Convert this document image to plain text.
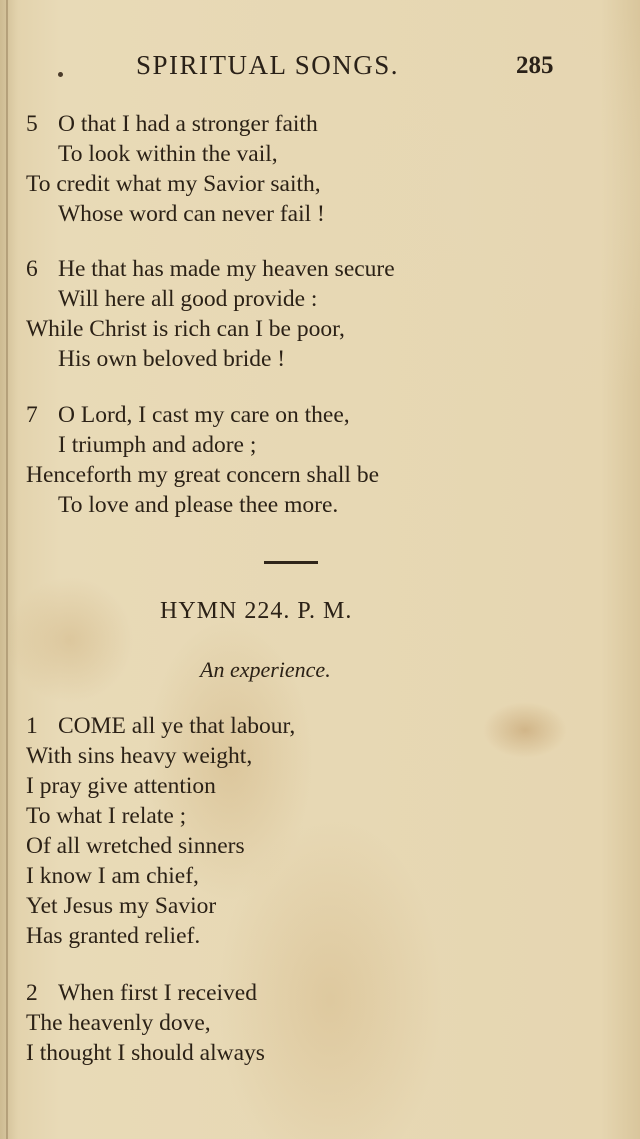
SPIRITUAL SONGS.	285
5 O that I had a stronger faith
To look within the vail,
To credit what my Savior saith,
Whose word can never fail !
6 He that has made my heaven secure
Will here all good provide :
While Christ is rich can I be poor,
His own beloved bride !
7 O Lord, I cast my care on thee,
I triumph and adore ;
Henceforth my great concern shall be
To love and please thee more.
HYMN 224. P. M.
An experience.
1 COME all ye that labour,
With sins heavy weight,
I pray give attention
To what I relate ;
Of all wretched sinners
I know I am chief,
Yet Jesus my Savior
Has granted relief.
2 When first I received
The heavenly dove,
I thought I should always
